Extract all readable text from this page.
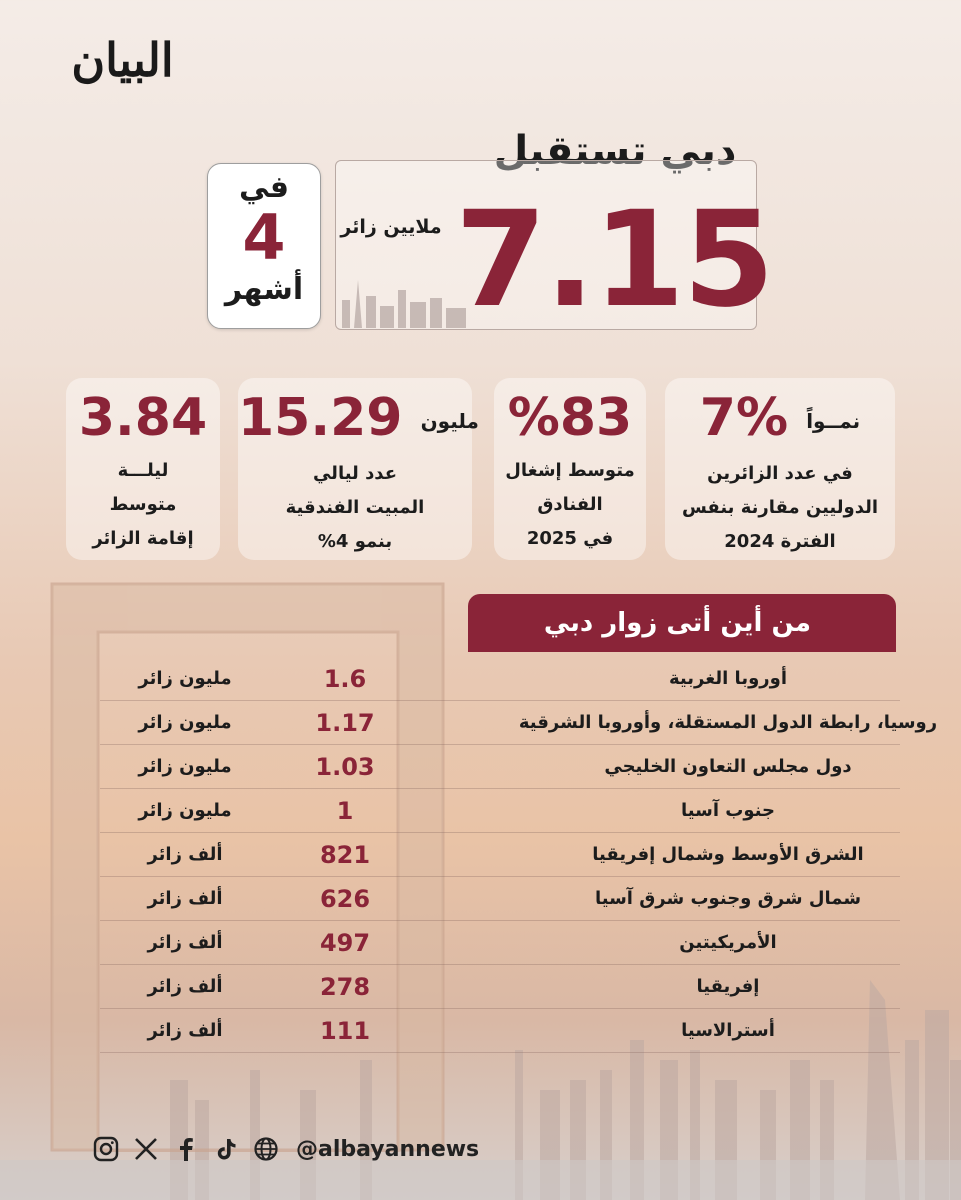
البيان
دبي تستقبل
7.15
ملايين زائر
في
4
أشهر
نمــواً %7
في عدد الزائرين
الدوليين مقارنة بنفس
الفترة 2024
%83
متوسط إشغال
الفنادق
في 2025
مليون 15.29
عدد ليالي
المبيت الفندقية
بنمو 4%
3.84
ليلـــة
متوسط
إقامة الزائر
من أين أتى زوار دبي
أوروبا الغربية
1.6
مليون زائر
روسيا، رابطة الدول المستقلة، وأوروبا الشرقية
1.17
مليون زائر
دول مجلس التعاون الخليجي
1.03
مليون زائر
جنوب آسيا
1
مليون زائر
الشرق الأوسط وشمال إفريقيا
821
ألف زائر
شمال شرق وجنوب شرق آسيا
626
ألف زائر
الأمريكيتين
497
ألف زائر
إفريقيا
278
ألف زائر
أسترالاسيا
111
ألف زائر
@albayannews
